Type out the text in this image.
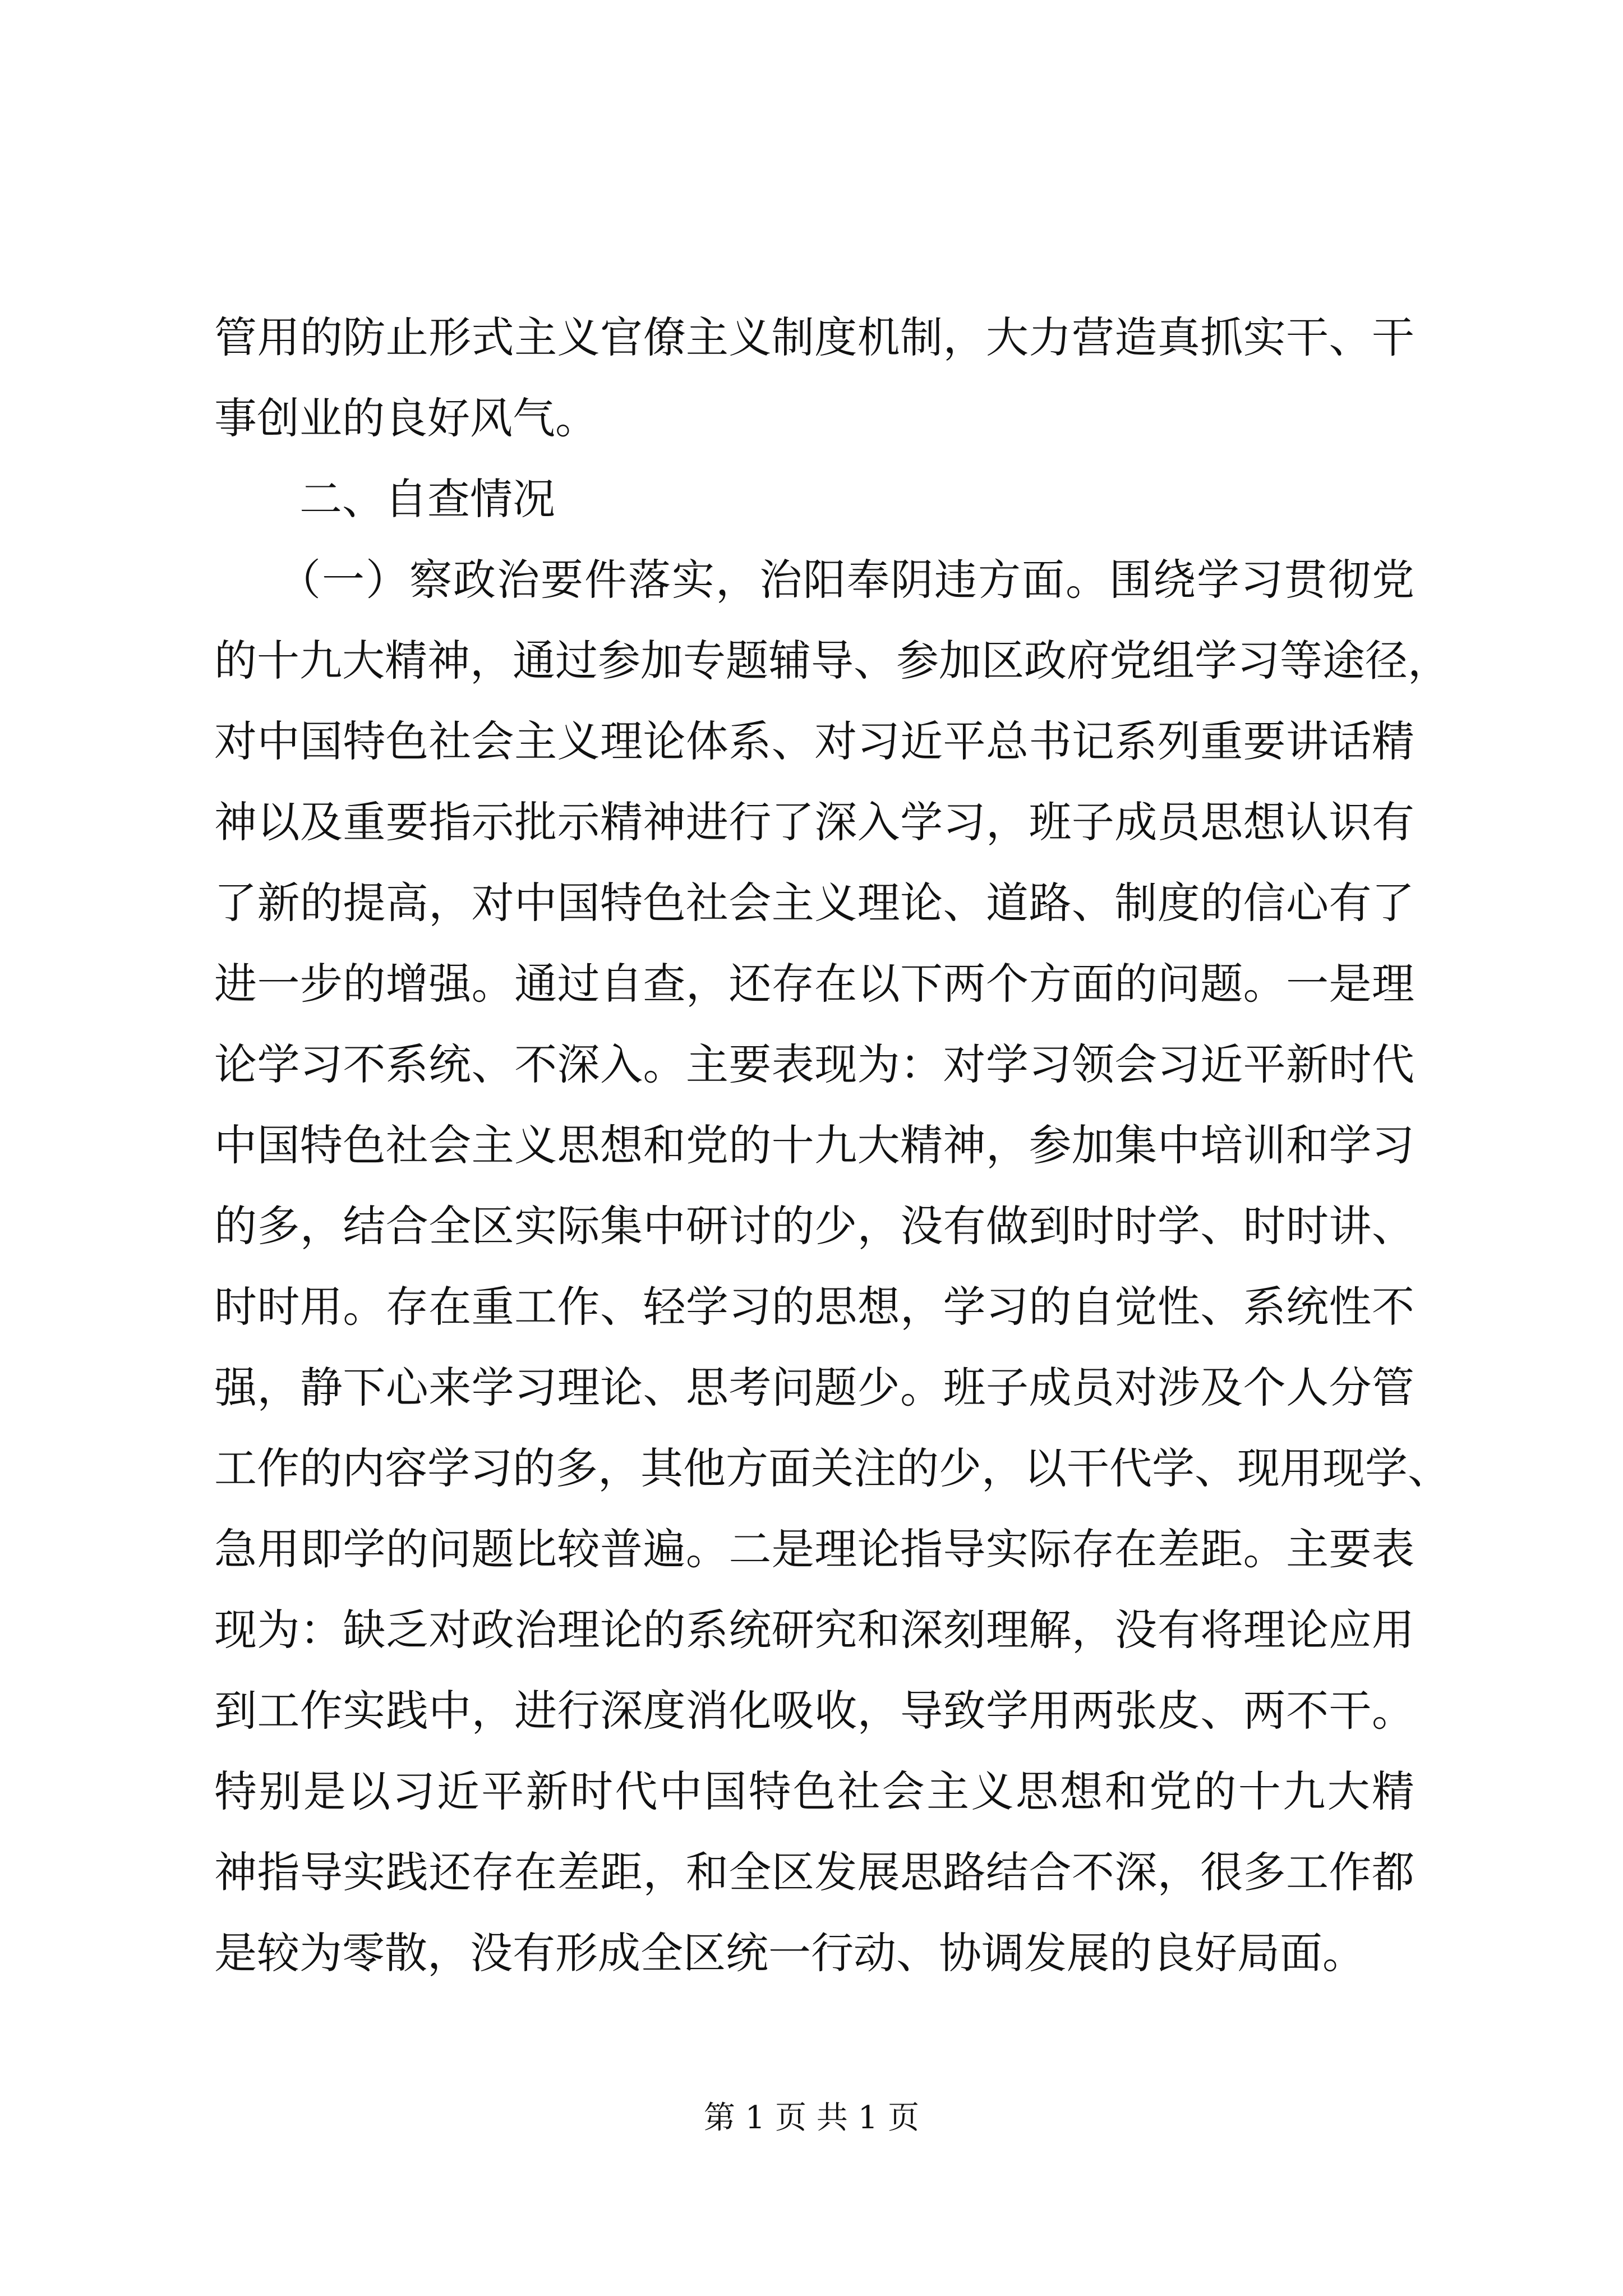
管用的防止形式主义官僚主义制度机制，大力营造真抓实干、干
事创业的良好风气。
二、自查情况
（一）察政治要件落实，治阳奉阴违方面。围绕学习贯彻党
的十九大精神，通过参加专题辅导、参加区政府党组学习等途径，
对中国特色社会主义理论体系、对习近平总书记系列重要讲话精
神以及重要指示批示精神进行了深入学习，班子成员思想认识有
了新的提高，对中国特色社会主义理论、道路、制度的信心有了
进一步的增强。通过自查，还存在以下两个方面的问题。一是理
论学习不系统、不深入。主要表现为：对学习领会习近平新时代
中国特色社会主义思想和党的十九大精神，参加集中培训和学习
的多，结合全区实际集中研讨的少，没有做到时时学、时时讲、
时时用。存在重工作、轻学习的思想，学习的自觉性、系统性不
强，静下心来学习理论、思考问题少。班子成员对涉及个人分管
工作的内容学习的多，其他方面关注的少，以干代学、现用现学、
急用即学的问题比较普遍。二是理论指导实际存在差距。主要表
现为：缺乏对政治理论的系统研究和深刻理解，没有将理论应用
到工作实践中，进行深度消化吸收，导致学用两张皮、两不干。
特别是以习近平新时代中国特色社会主义思想和党的十九大精
神指导实践还存在差距，和全区发展思路结合不深，很多工作都
是较为零散，没有形成全区统一行动、协调发展的良好局面。
第 1 页 共 1 页
